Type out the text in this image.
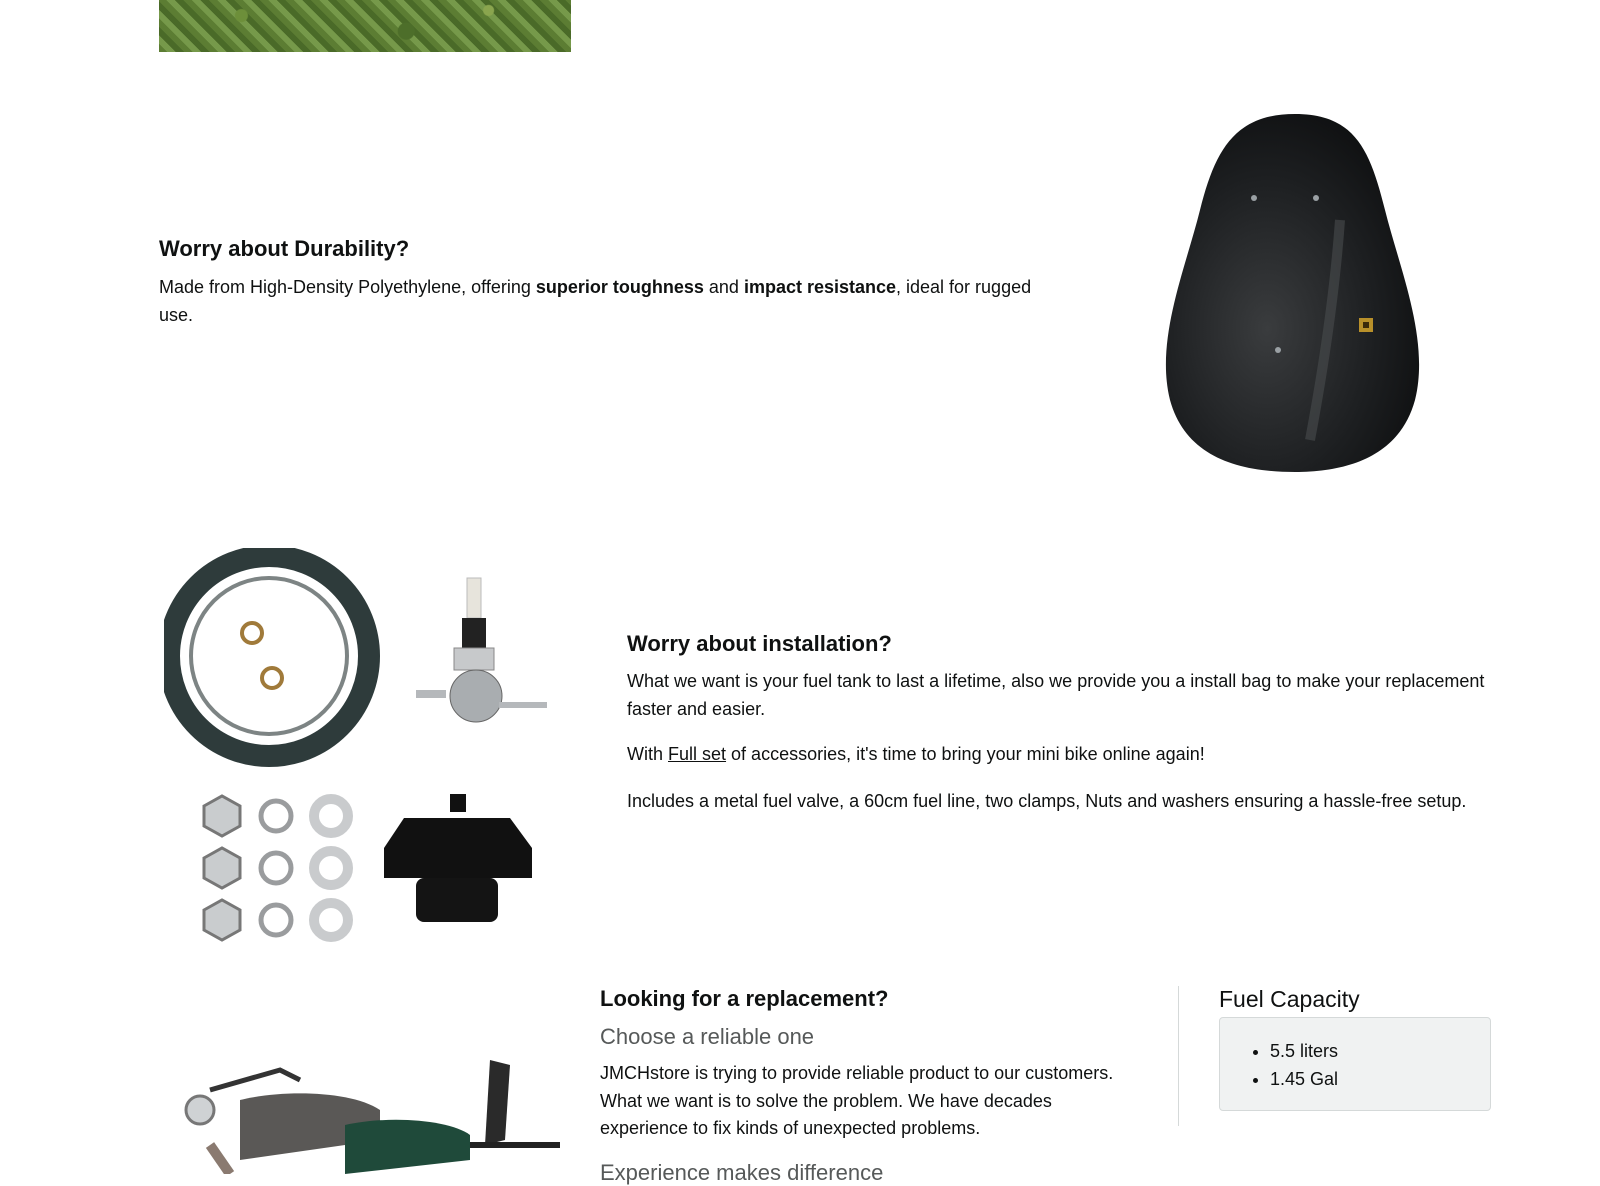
Worry about Durability?

Made from High-Density Polyethylene, offering superior toughness and impact resistance, ideal for rugged use.

Worry about installation?

What we want is your fuel tank to last a lifetime, also we provide you a install bag to make your replacement faster and easier.

With Full set of accessories, it's time to bring your mini bike online again!

Includes a metal fuel valve, a 60cm fuel line, two clamps, Nuts and washers ensuring a hassle-free setup.

Looking for a replacement?

Choose a reliable one

JMCHstore is trying to provide reliable product to our customers. What we want is to solve the problem. We have decades experience to fix kinds of unexpected problems.

Experience makes difference

Fuel Capacity
• 5.5 liters
• 1.45 Gal
